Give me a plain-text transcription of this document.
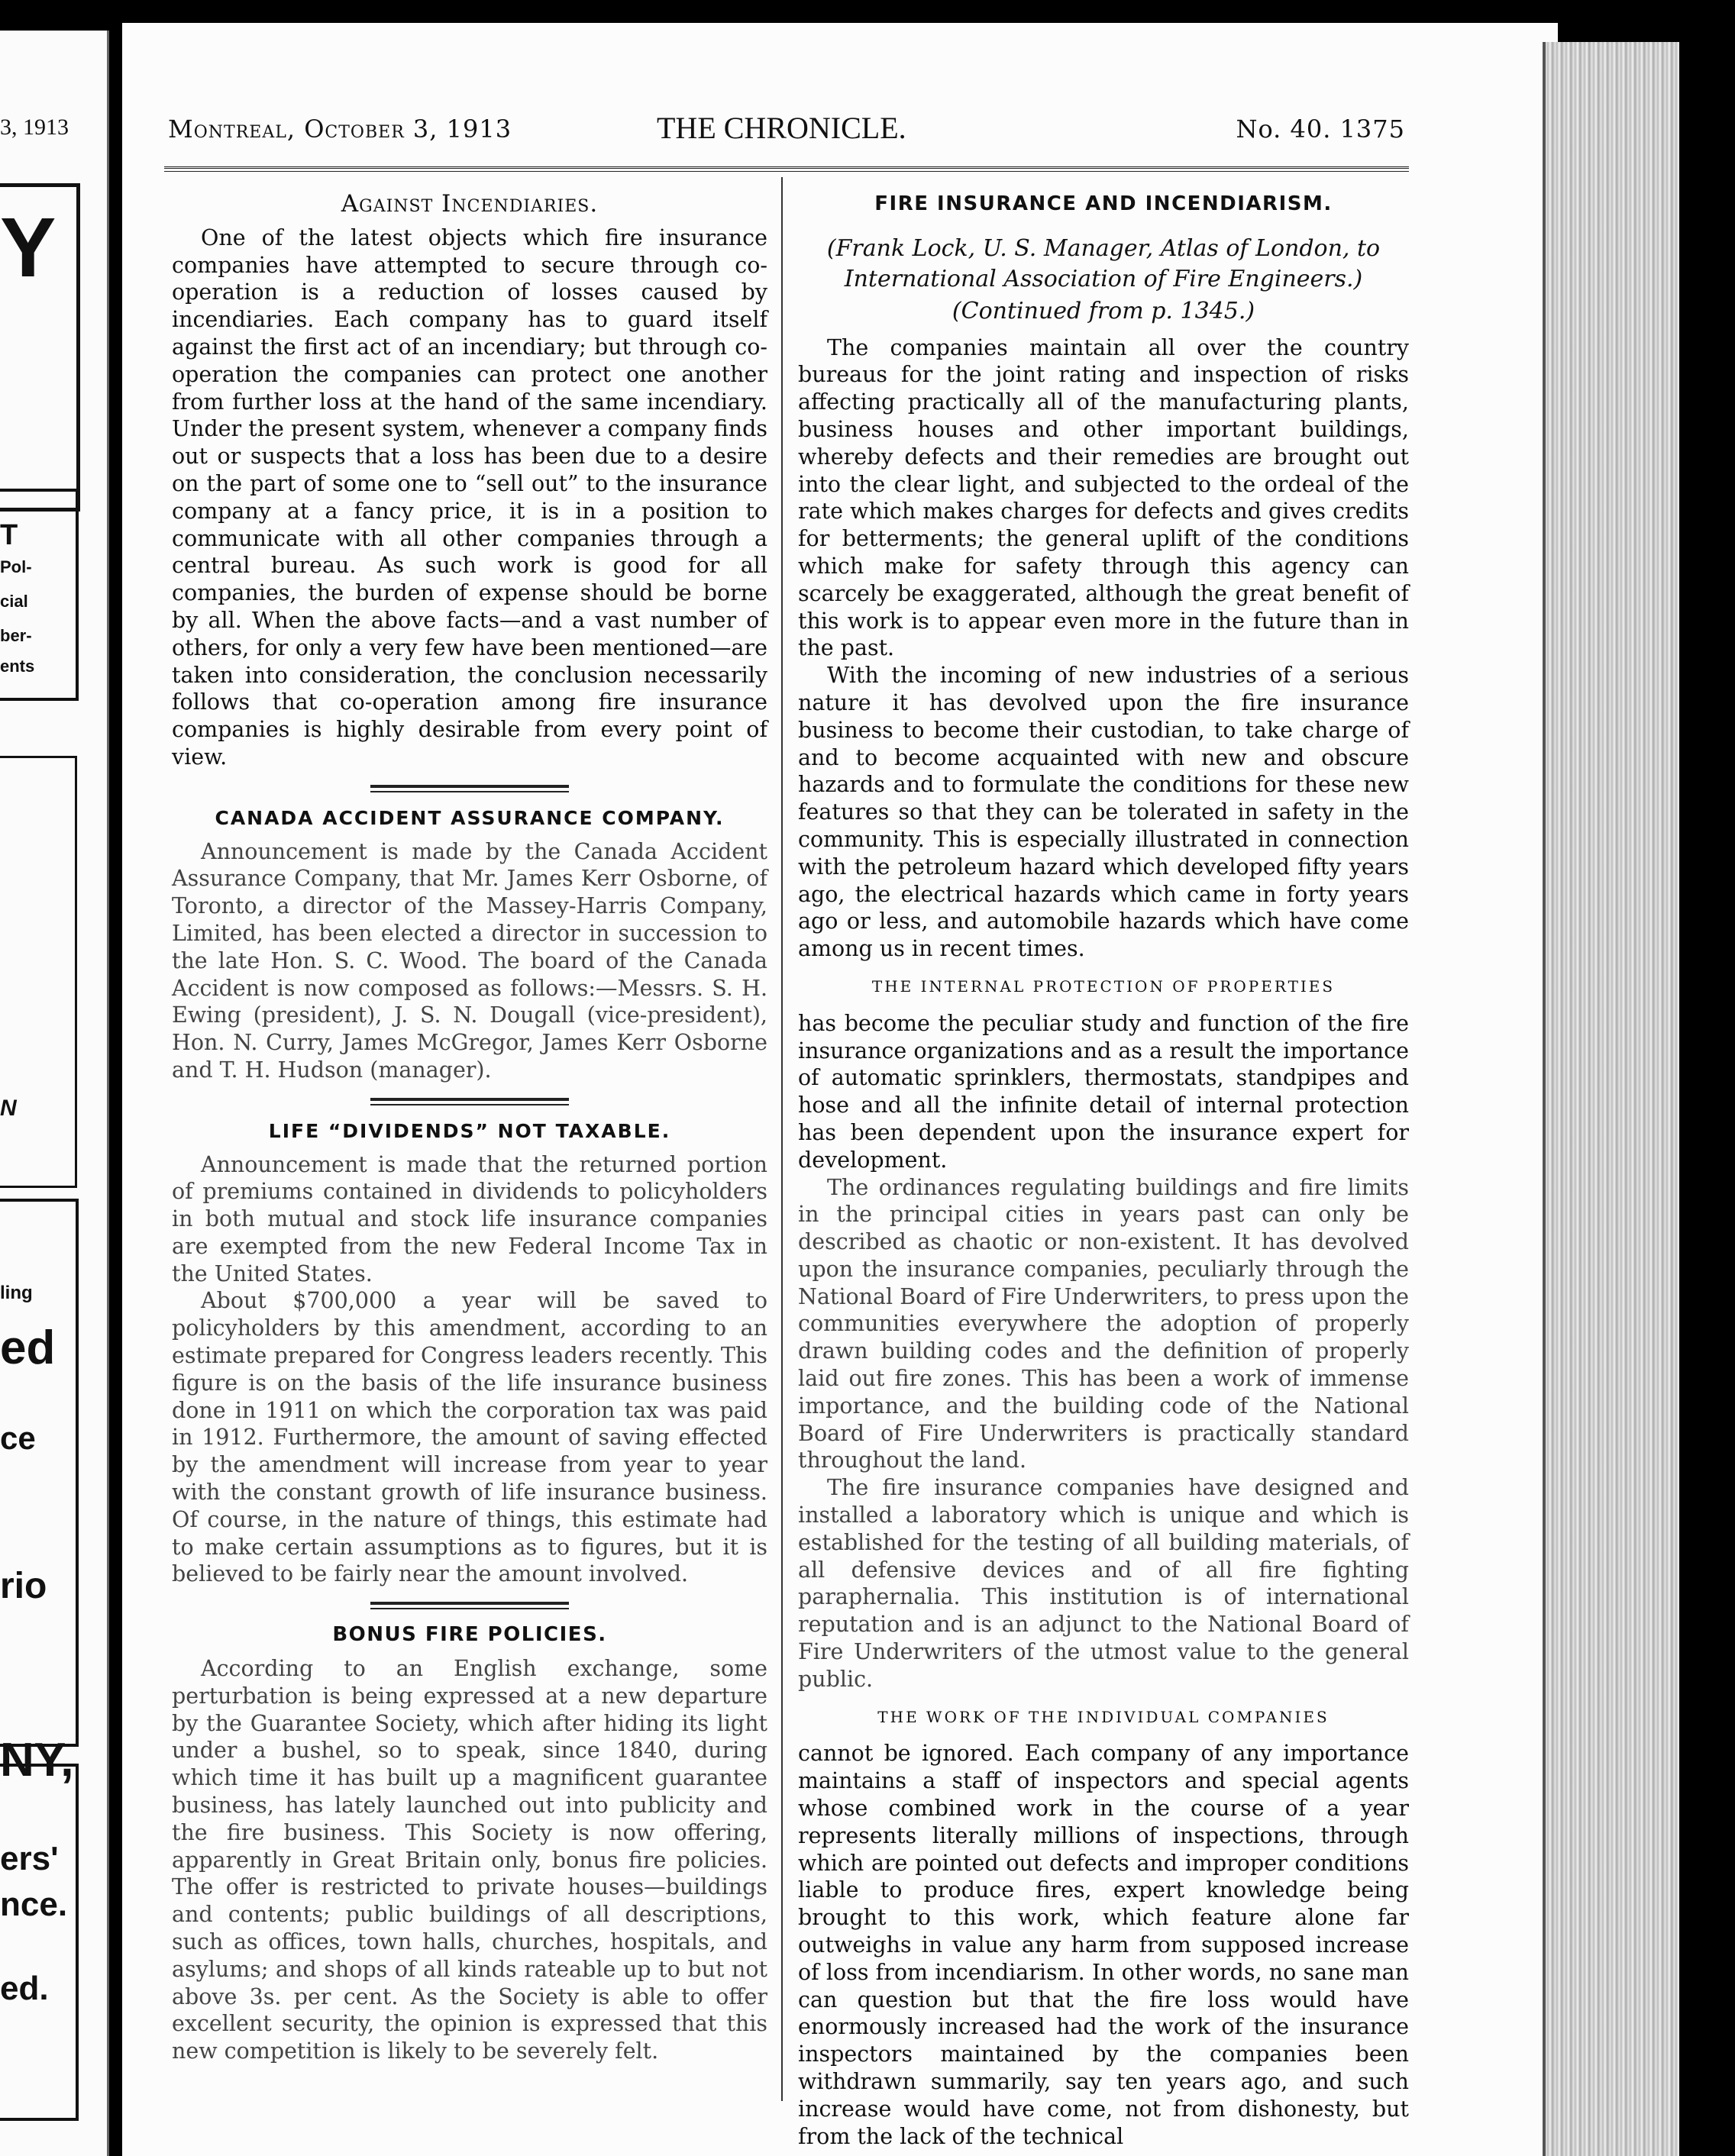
3, 1913
Y
T
Pol-
cial
ber-
ents
N
ling
ed
ce
rio
NY,
ers'
nce.
ed.
Montreal, October 3, 1913	THE CHRONICLE.	No. 40. 1375
Against Incendiaries.

One of the latest objects which fire insurance companies have attempted to secure through co-operation is a reduction of losses caused by incendiaries. Each company has to guard itself against the first act of an incendiary; but through co-operation the companies can protect one another from further loss at the hand of the same incendiary. Under the present system, whenever a company finds out or suspects that a loss has been due to a desire on the part of some one to “sell out” to the insurance company at a fancy price, it is in a position to communicate with all other companies through a central bureau. As such work is good for all companies, the burden of expense should be borne by all. When the above facts—and a vast number of others, for only a very few have been mentioned—are taken into consideration, the conclusion necessarily follows that co-operation among fire insurance companies is highly desirable from every point of view.

CANADA ACCIDENT ASSURANCE COMPANY.

Announcement is made by the Canada Accident Assurance Company, that Mr. James Kerr Osborne, of Toronto, a director of the Massey-Harris Company, Limited, has been elected a director in succession to the late Hon. S. C. Wood. The board of the Canada Accident is now composed as follows:—Messrs. S. H. Ewing (president), J. S. N. Dougall (vice-president), Hon. N. Curry, James McGregor, James Kerr Osborne and T. H. Hudson (manager).

LIFE “DIVIDENDS” NOT TAXABLE.

Announcement is made that the returned portion of premiums contained in dividends to policyholders in both mutual and stock life insurance companies are exempted from the new Federal Income Tax in the United States.

About $700,000 a year will be saved to policyholders by this amendment, according to an estimate prepared for Congress leaders recently. This figure is on the basis of the life insurance business done in 1911 on which the corporation tax was paid in 1912. Furthermore, the amount of saving effected by the amendment will increase from year to year with the constant growth of life insurance business. Of course, in the nature of things, this estimate had to make certain assumptions as to figures, but it is believed to be fairly near the amount involved.

BONUS FIRE POLICIES.

According to an English exchange, some perturbation is being expressed at a new departure by the Guarantee Society, which after hiding its light under a bushel, so to speak, since 1840, during which time it has built up a magnificent guarantee business, has lately launched out into publicity and the fire business. This Society is now offering, apparently in Great Britain only, bonus fire policies. The offer is restricted to private houses—buildings and contents; public buildings of all descriptions, such as offices, town halls, churches, hospitals, and asylums; and shops of all kinds rateable up to but not above 3s. per cent. As the Society is able to offer excellent security, the opinion is expressed that this new competition is likely to be severely felt.

FIRE INSURANCE AND INCENDIARISM.
(Frank Lock, U. S. Manager, Atlas of London, to International Association of Fire Engineers.)
(Continued from p. 1345.)

The companies maintain all over the country bureaus for the joint rating and inspection of risks affecting practically all of the manufacturing plants, business houses and other important buildings, whereby defects and their remedies are brought out into the clear light, and subjected to the ordeal of the rate which makes charges for defects and gives credits for betterments; the general uplift of the conditions which make for safety through this agency can scarcely be exaggerated, although the great benefit of this work is to appear even more in the future than in the past.

With the incoming of new industries of a serious nature it has devolved upon the fire insurance business to become their custodian, to take charge of and to become acquainted with new and obscure hazards and to formulate the conditions for these new features so that they can be tolerated in safety in the community. This is especially illustrated in connection with the petroleum hazard which developed fifty years ago, the electrical hazards which came in forty years ago or less, and automobile hazards which have come among us in recent times.

THE INTERNAL PROTECTION OF PROPERTIES

has become the peculiar study and function of the fire insurance organizations and as a result the importance of automatic sprinklers, thermostats, standpipes and hose and all the infinite detail of internal protection has been dependent upon the insurance expert for development.

The ordinances regulating buildings and fire limits in the principal cities in years past can only be described as chaotic or non-existent. It has devolved upon the insurance companies, peculiarly through the National Board of Fire Underwriters, to press upon the communities everywhere the adoption of properly drawn building codes and the definition of properly laid out fire zones. This has been a work of immense importance, and the building code of the National Board of Fire Underwriters is practically standard throughout the land.

The fire insurance companies have designed and installed a laboratory which is unique and which is established for the testing of all building materials, of all defensive devices and of all fire fighting paraphernalia. This institution is of international reputation and is an adjunct to the National Board of Fire Underwriters of the utmost value to the general public.

THE WORK OF THE INDIVIDUAL COMPANIES

cannot be ignored. Each company of any importance maintains a staff of inspectors and special agents whose combined work in the course of a year represents literally millions of inspections, through which are pointed out defects and improper conditions liable to produce fires, expert knowledge being brought to this work, which feature alone far outweighs in value any harm from supposed increase of loss from incendiarism. In other words, no sane man can question but that the fire loss would have enormously increased had the work of the insurance inspectors maintained by the companies been withdrawn summarily, say ten years ago, and such increase would have come, not from dishonesty, but from the lack of the technical
